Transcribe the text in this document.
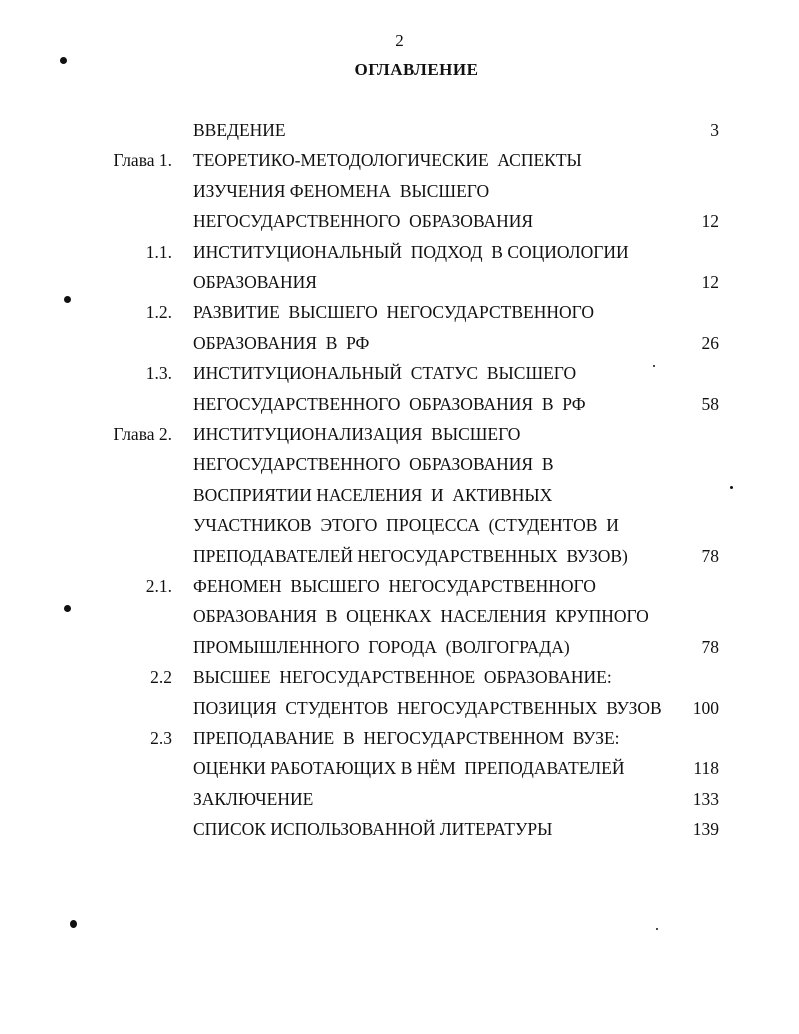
2
ОГЛАВЛЕНИЕ
ВВЕДЕНИЕ	3
Глава 1. ТЕОРЕТИКО-МЕТОДОЛОГИЧЕСКИЕ  АСПЕКТЫ
ИЗУЧЕНИЯ ФЕНОМЕНА  ВЫСШЕГО
НЕГОСУДАРСТВЕННОГО  ОБРАЗОВАНИЯ	12
1.1. ИНСТИТУЦИОНАЛЬНЫЙ  ПОДХОД  В СОЦИОЛОГИИ
ОБРАЗОВАНИЯ	12
1.2. РАЗВИТИЕ  ВЫСШЕГО  НЕГОСУДАРСТВЕННОГО
ОБРАЗОВАНИЯ  В  РФ	26
1.3. ИНСТИТУЦИОНАЛЬНЫЙ  СТАТУС  ВЫСШЕГО
НЕГОСУДАРСТВЕННОГО  ОБРАЗОВАНИЯ  В  РФ	58
Глава 2. ИНСТИТУЦИОНАЛИЗАЦИЯ  ВЫСШЕГО
НЕГОСУДАРСТВЕННОГО  ОБРАЗОВАНИЯ  В
ВОСПРИЯТИИ НАСЕЛЕНИЯ  И  АКТИВНЫХ
УЧАСТНИКОВ  ЭТОГО  ПРОЦЕССА  (СТУДЕНТОВ  И
ПРЕПОДАВАТЕЛЕЙ НЕГОСУДАРСТВЕННЫХ  ВУЗОВ)	78
2.1. ФЕНОМЕН  ВЫСШЕГО  НЕГОСУДАРСТВЕННОГО
ОБРАЗОВАНИЯ  В  ОЦЕНКАХ  НАСЕЛЕНИЯ  КРУПНОГО
ПРОМЫШЛЕННОГО  ГОРОДА  (ВОЛГОГРАДА)	78
2.2 ВЫСШЕЕ  НЕГОСУДАРСТВЕННОЕ  ОБРАЗОВАНИЕ:
ПОЗИЦИЯ  СТУДЕНТОВ  НЕГОСУДАРСТВЕННЫХ  ВУЗОВ 100
2.3 ПРЕПОДАВАНИЕ  В  НЕГОСУДАРСТВЕННОМ  ВУЗЕ:
ОЦЕНКИ РАБОТАЮЩИХ В НЁМ  ПРЕПОДАВАТЕЛЕЙ	118
ЗАКЛЮЧЕНИЕ	133
СПИСОК ИСПОЛЬЗОВАННОЙ ЛИТЕРАТУРЫ	139
